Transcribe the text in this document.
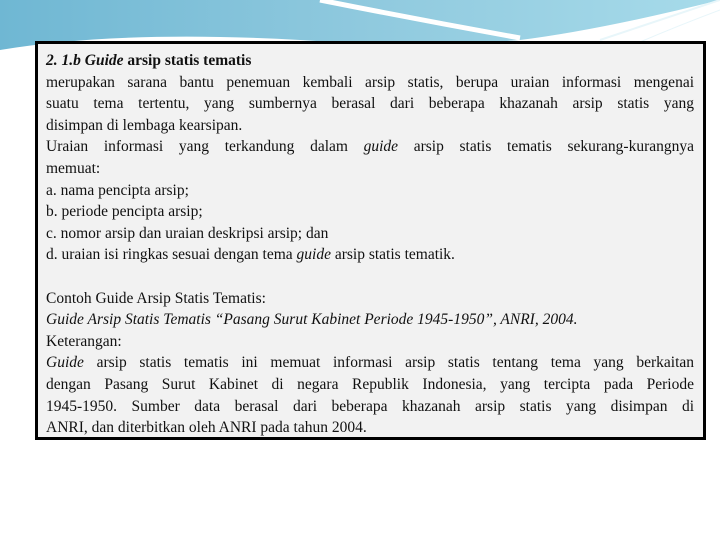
2. 1.b Guide arsip statis tematis
merupakan sarana bantu penemuan kembali arsip statis, berupa uraian informasi mengenai
suatu tema tertentu, yang sumbernya berasal dari beberapa khazanah arsip statis yang
disimpan di lembaga kearsipan.
Uraian informasi yang terkandung dalam guide arsip statis tematis sekurang-kurangnya
memuat:
a. nama pencipta arsip;
b. periode pencipta arsip;
c. nomor arsip dan uraian deskripsi arsip; dan
d. uraian isi ringkas sesuai dengan tema guide arsip statis tematik.
Contoh Guide Arsip Statis Tematis:
Guide Arsip Statis Tematis “Pasang Surut Kabinet Periode 1945-1950”, ANRI, 2004.
Keterangan:
Guide arsip statis tematis ini memuat informasi arsip statis tentang tema yang berkaitan
dengan Pasang Surut Kabinet di negara Republik Indonesia, yang tercipta pada Periode
1945-1950. Sumber data berasal dari beberapa khazanah arsip statis yang disimpan di
ANRI, dan diterbitkan oleh ANRI pada tahun 2004.
